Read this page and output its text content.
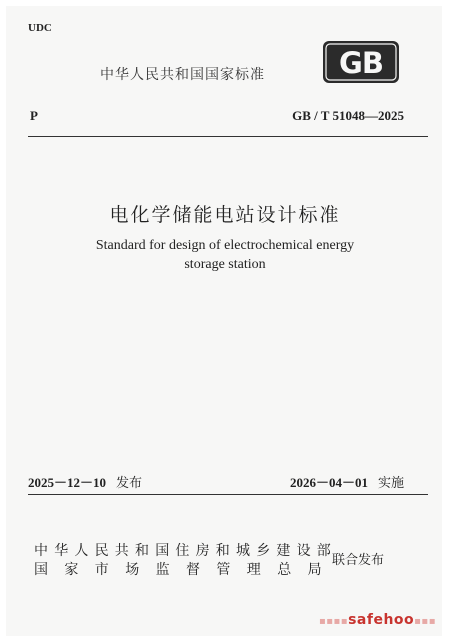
UDC
中华人民共和国国家标准	GB
P	GB / T 51048—2025
电化学储能电站设计标准
Standard for design of electrochemical energy
storage station
2025－12－10 发布	2026－04－01 实施
中华人民共和国住房和城乡建设部
国家市场监督管理总局
联合发布
▪▪▪▪safehoo▪▪▪
